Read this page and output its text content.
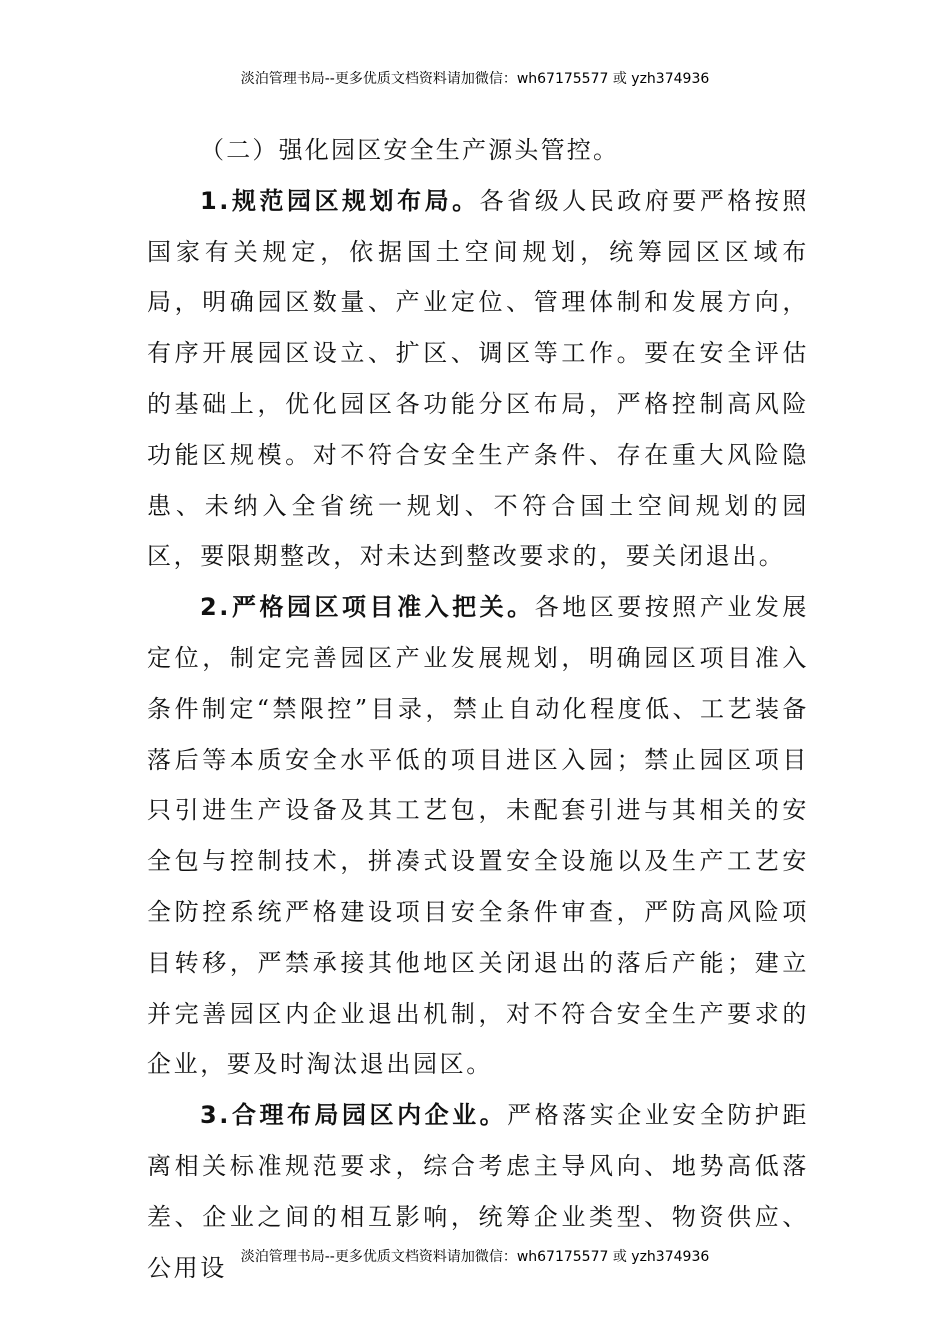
淡泊管理书局--更多优质文档资料请加微信：wh67175577 或 yzh374936

（二）强化园区安全生产源头管控。

1.规范园区规划布局。各省级人民政府要严格按照国家有关规定，依据国土空间规划，统筹园区区域布局，明确园区数量、产业定位、管理体制和发展方向，有序开展园区设立、扩区、调区等工作。要在安全评估的基础上，优化园区各功能分区布局，严格控制高风险功能区规模。对不符合安全生产条件、存在重大风险隐患、未纳入全省统一规划、不符合国土空间规划的园区，要限期整改，对未达到整改要求的，要关闭退出。

2.严格园区项目准入把关。各地区要按照产业发展定位，制定完善园区产业发展规划，明确园区项目准入条件制定“禁限控”目录，禁止自动化程度低、工艺装备落后等本质安全水平低的项目进区入园；禁止园区项目只引进生产设备及其工艺包，未配套引进与其相关的安全包与控制技术，拼凑式设置安全设施以及生产工艺安全防控系统严格建设项目安全条件审查，严防高风险项目转移，严禁承接其他地区关闭退出的落后产能；建立并完善园区内企业退出机制，对不符合安全生产要求的企业，要及时淘汰退出园区。

3.合理布局园区内企业。严格落实企业安全防护距离相关标准规范要求，综合考虑主导风向、地势高低落差、企业之间的相互影响，统筹企业类型、物资供应、公用设 淡泊管理书局--更多优质文档资料请加微信：wh67175577 或 yzh374936
